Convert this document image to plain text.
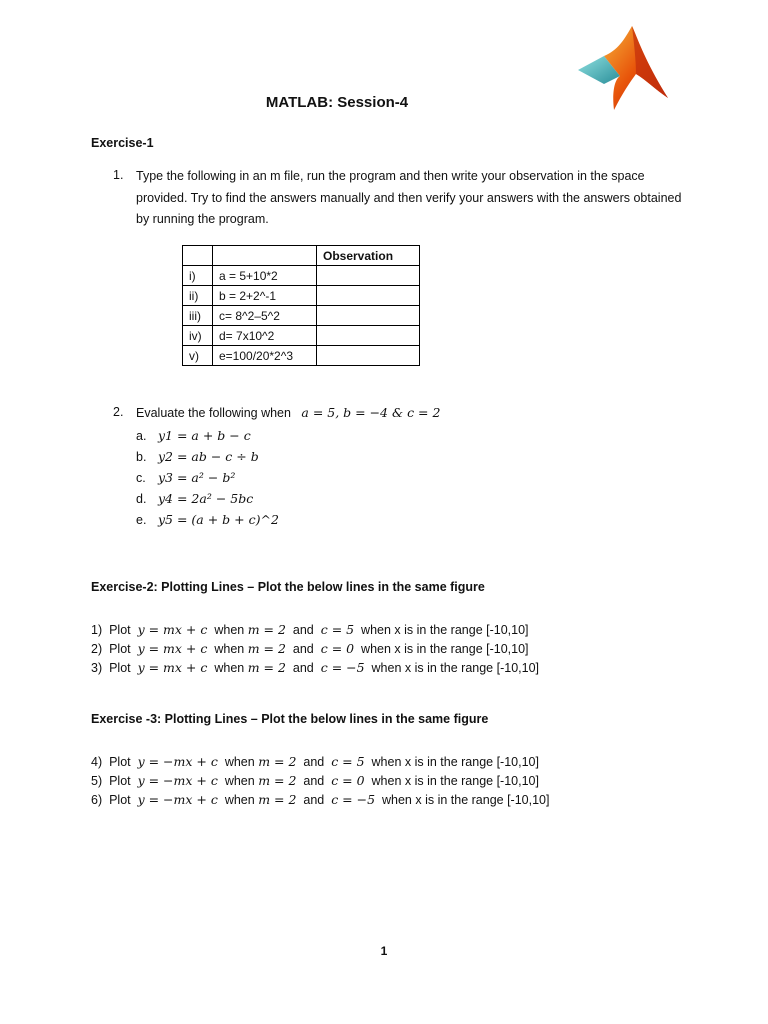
MATLAB: Session-4
Exercise-1
1. Type the following in an m file, run the program and then write your observation in the space provided. Try to find the answers manually and then verify your answers with the answers obtained by running the program.
		Observation
i)	a = 5+10*2	
ii)	b = 2+2^-1	
iii)	c= 8^2–5^2	
iv)	d= 7x10^2	
v)	e=100/20*2^3	
2. Evaluate the following when a = 5, b = −4 & c = 2
a. y1 = a + b − c
b. y2 = ab − c ÷ b
c. y3 = a² − b²
d. y4 = 2a² − 5bc
e. y5 = (a + b + c)^2
Exercise-2: Plotting Lines – Plot the below lines in the same figure
1) Plot y = mx + c when m = 2 and c = 5 when x is in the range [-10,10]
2) Plot y = mx + c when m = 2 and c = 0 when x is in the range [-10,10]
3) Plot y = mx + c when m = 2 and c = −5 when x is in the range [-10,10]
Exercise -3: Plotting Lines – Plot the below lines in the same figure
4) Plot y = −mx + c when m = 2 and c = 5 when x is in the range [-10,10]
5) Plot y = −mx + c when m = 2 and c = 0 when x is in the range [-10,10]
6) Plot y = −mx + c when m = 2 and c = −5 when x is in the range [-10,10]
1
